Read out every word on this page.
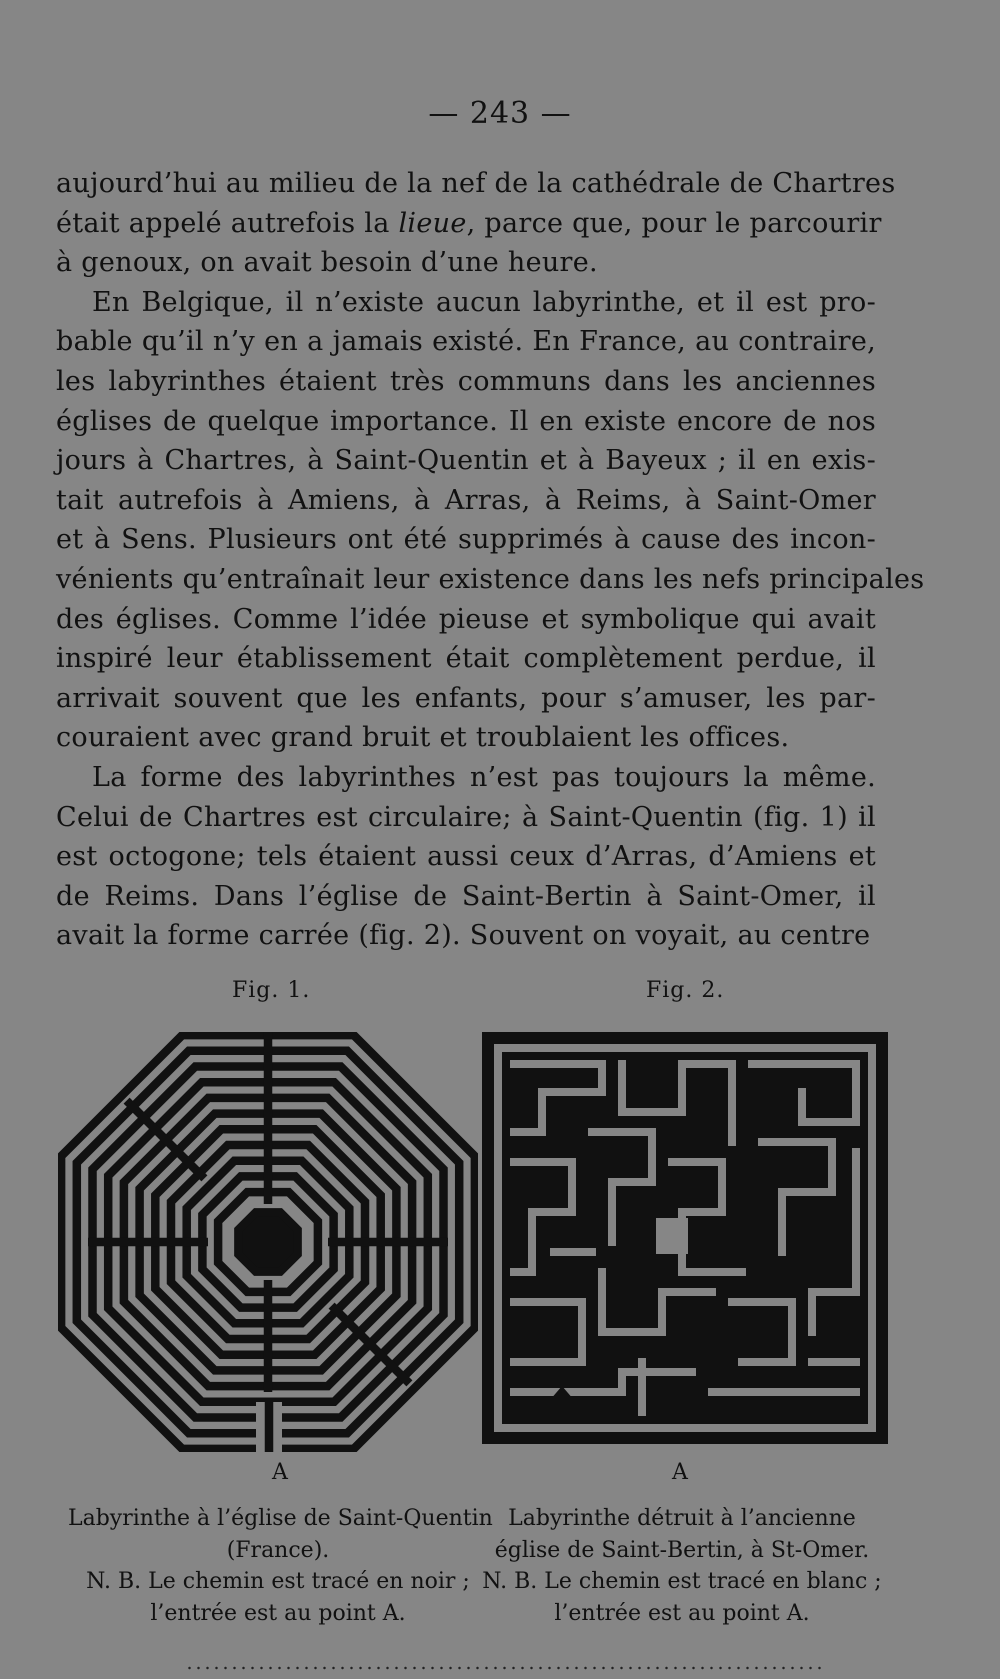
— 243 —
aujourd’hui au milieu de la nef de la cathédrale de Chartres
était appelé autrefois la lieue, parce que, pour le parcourir
à genoux, on avait besoin d’une heure.
En Belgique, il n’existe aucun labyrinthe, et il est pro-
bable qu’il n’y en a jamais existé. En France, au contraire,
les labyrinthes étaient très communs dans les anciennes
églises de quelque importance. Il en existe encore de nos
jours à Chartres, à Saint-Quentin et à Bayeux ; il en exis-
tait autrefois à Amiens, à Arras, à Reims, à Saint-Omer
et à Sens. Plusieurs ont été supprimés à cause des incon-
vénients qu’entraînait leur existence dans les nefs principales
des églises. Comme l’idée pieuse et symbolique qui avait
inspiré leur établissement était complètement perdue, il
arrivait souvent que les enfants, pour s’amuser, les par-
couraient avec grand bruit et troublaient les offices.
La forme des labyrinthes n’est pas toujours la même.
Celui de Chartres est circulaire; à Saint-Quentin (fig. 1) il
est octogone; tels étaient aussi ceux d’Arras, d’Amiens et
de Reims. Dans l’église de Saint-Bertin à Saint-Omer, il
avait la forme carrée (fig. 2). Souvent on voyait, au centre
Fig. 1.
A
Fig. 2.
A
Labyrinthe à l’église de Saint-Quentin
(France).
N. B. Le chemin est tracé en noir ;
l’entrée est au point A.
Labyrinthe détruit à l’ancienne
église de Saint-Bertin, à St-Omer.
N. B. Le chemin est tracé en blanc ;
l’entrée est au point A.
